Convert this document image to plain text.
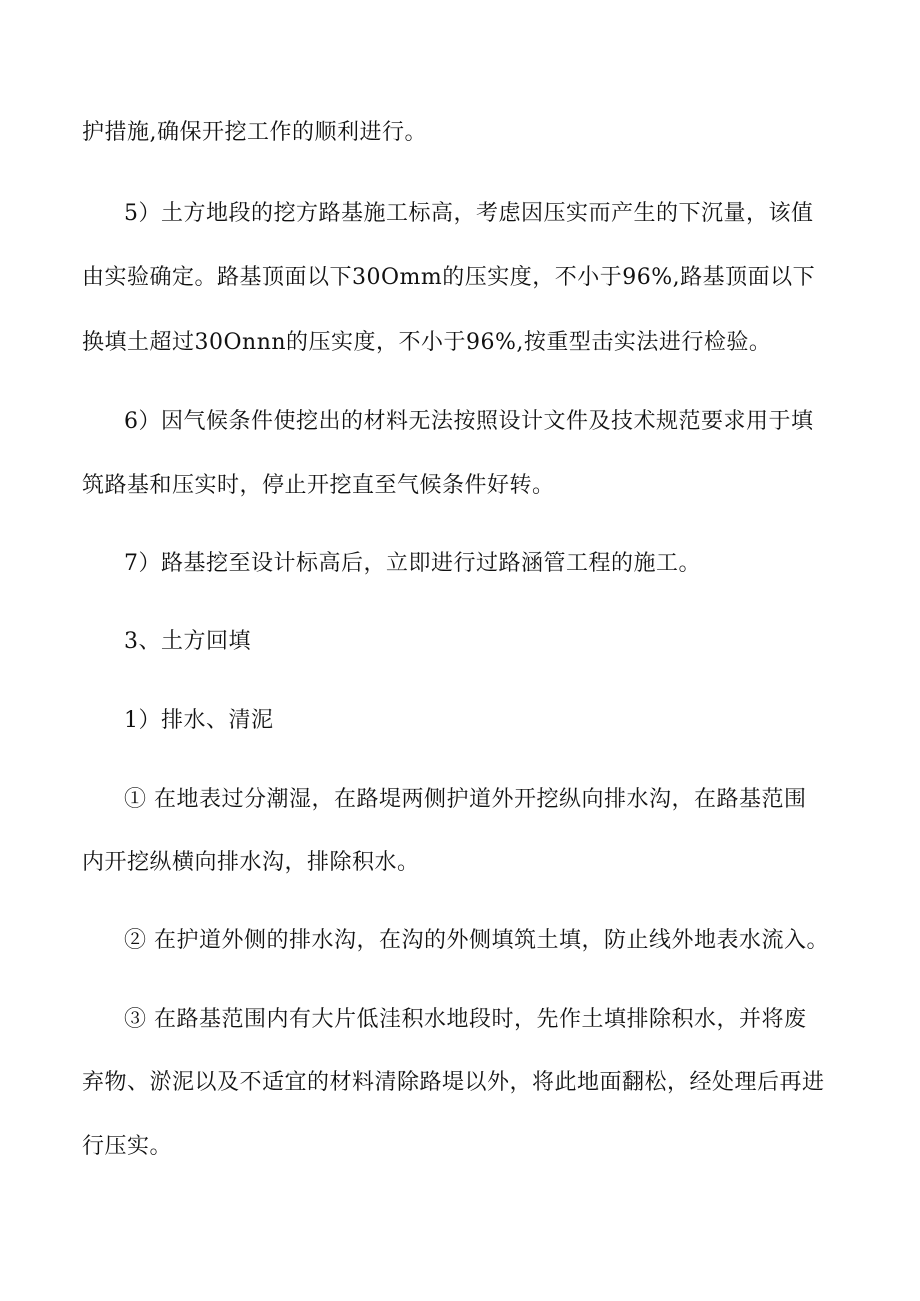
护措施,确保开挖工作的顺利进行。
5）土方地段的挖方路基施工标高，考虑因压实而产生的下沉量，该值
由实验确定。路基顶面以下30Omm的压实度，不小于96%,路基顶面以下
换填土超过30Onnn的压实度，不小于96%,按重型击实法进行检验。
6）因气候条件使挖出的材料无法按照设计文件及技术规范要求用于填
筑路基和压实时，停止开挖直至气候条件好转。
7）路基挖至设计标高后，立即进行过路涵管工程的施工。
3、土方回填
1）排水、清泥
① 在地表过分潮湿，在路堤两侧护道外开挖纵向排水沟，在路基范围
内开挖纵横向排水沟，排除积水。
② 在护道外侧的排水沟，在沟的外侧填筑土填，防止线外地表水流入。
③ 在路基范围内有大片低洼积水地段时，先作土填排除积水，并将废
弃物、淤泥以及不适宜的材料清除路堤以外，将此地面翻松，经处理后再进
行压实。
